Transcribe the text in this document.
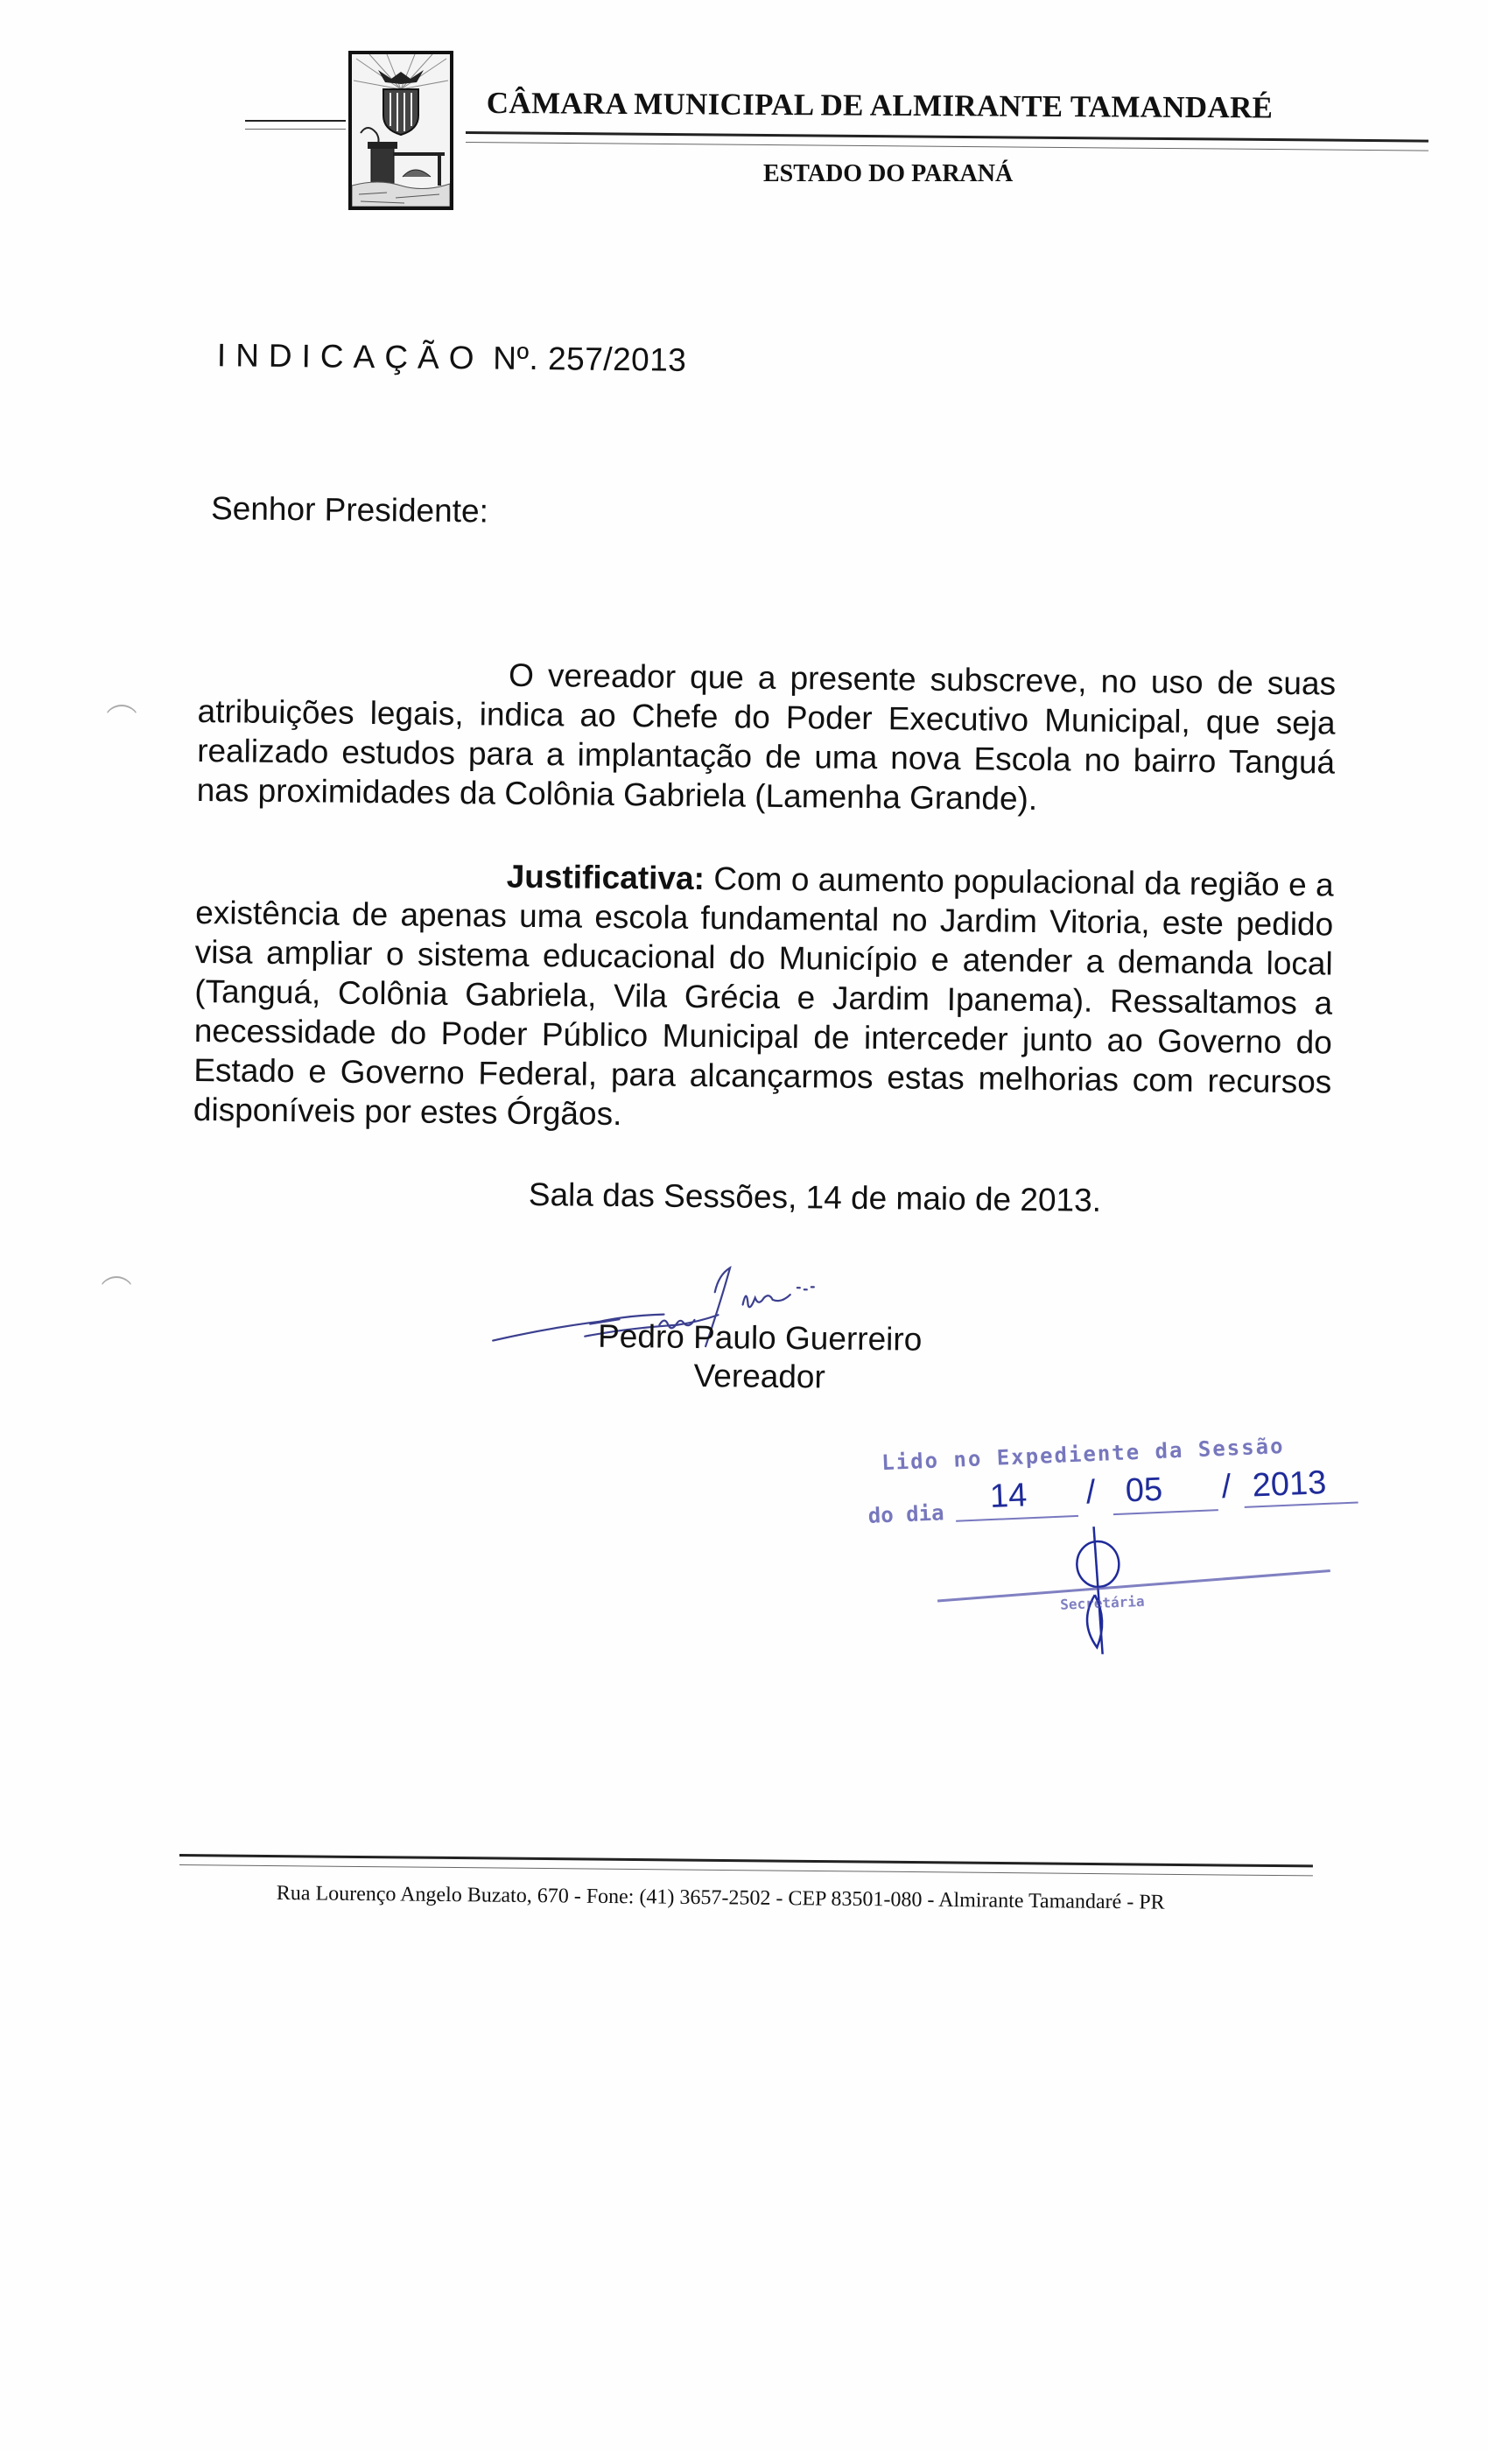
CÂMARA MUNICIPAL DE ALMIRANTE TAMANDARÉ
ESTADO DO PARANÁ
INDICAÇÃO Nº. 257/2013
Senhor Presidente:
O vereador que a presente subscreve, no uso de suas atribuições legais, indica ao Chefe do Poder Executivo Municipal, que seja realizado estudos para a implantação de uma nova Escola no bairro Tanguá nas proximidades da Colônia Gabriela (Lamenha Grande).
Justificativa: Com o aumento populacional da região e a existência de apenas uma escola fundamental no Jardim Vitoria, este pedido visa ampliar o sistema educacional do Município e atender a demanda local (Tanguá, Colônia Gabriela, Vila Grécia e Jardim Ipanema). Ressaltamos a necessidade do Poder Público Municipal de interceder junto ao Governo do Estado e Governo Federal, para alcançarmos estas melhorias com recursos disponíveis por estes Órgãos.
Sala das Sessões, 14 de maio de 2013.
Pedro Paulo Guerreiro
Vereador
Lido no Expediente da Sessão
do dia 14 / 05 / 2013
Secretária
Rua Lourenço Angelo Buzato, 670 - Fone: (41) 3657-2502 - CEP 83501-080 - Almirante Tamandaré - PR
